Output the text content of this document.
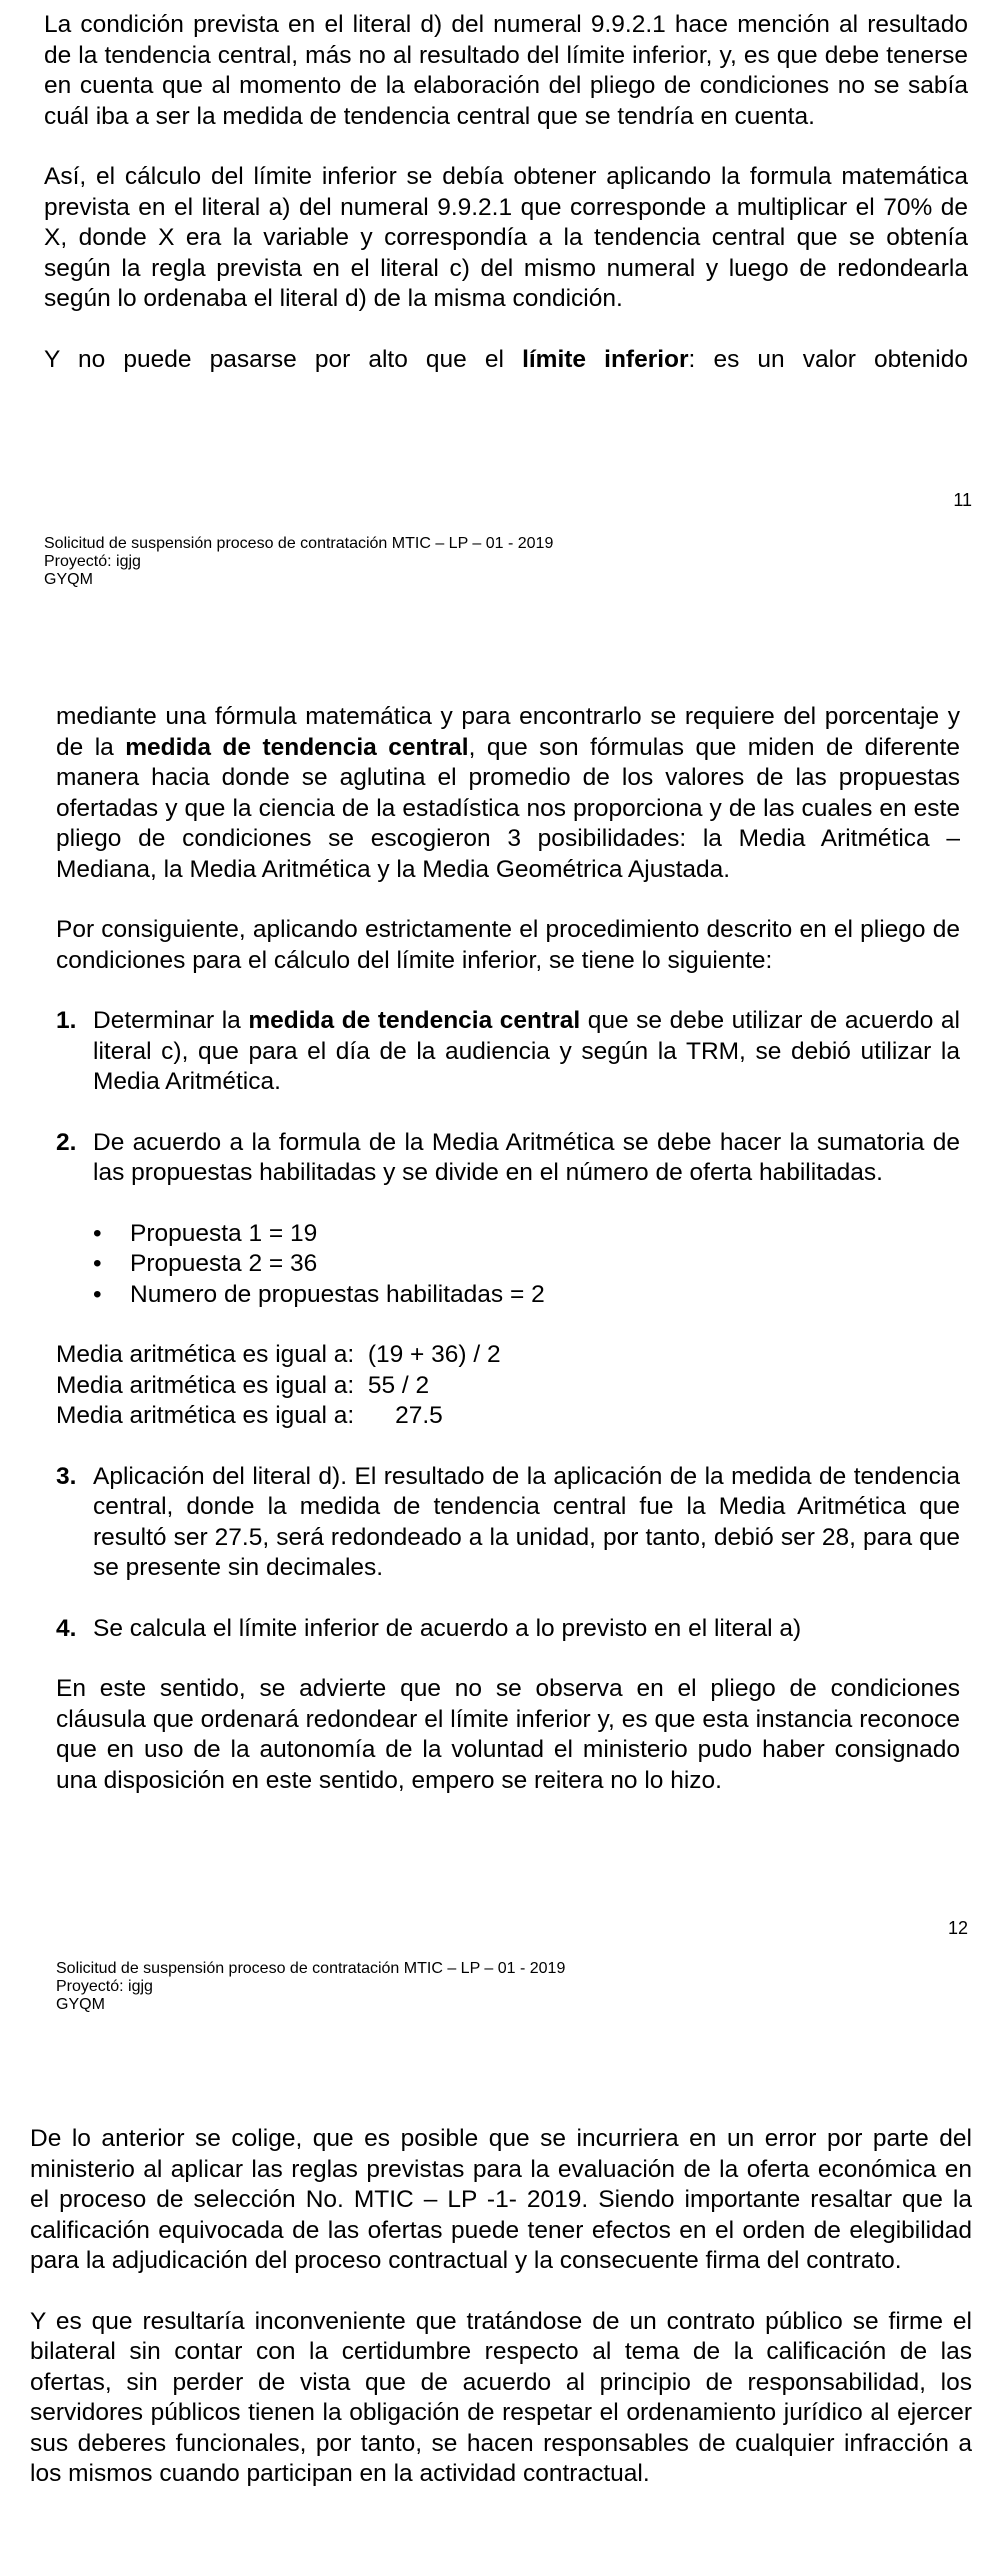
La condición prevista en el literal d) del numeral 9.9.2.1 hace mención al resultado de la tendencia central, más no al resultado del límite inferior, y, es que debe tenerse en cuenta que al momento de la elaboración del pliego de condiciones no se sabía cuál iba a ser la medida de tendencia central que se tendría en cuenta.

Así, el cálculo del límite inferior se debía obtener aplicando la formula matemática prevista en el literal a) del numeral 9.9.2.1 que corresponde a multiplicar el 70% de X, donde X era la variable y correspondía a la tendencia central que se obtenía según la regla prevista en el literal c) del mismo numeral y luego de redondearla según lo ordenaba el literal d) de la misma condición.

Y no puede pasarse por alto que el límite inferior: es un valor obtenido

11
Solicitud de suspensión proceso de contratación MTIC – LP – 01 - 2019
Proyectó: igjg
GYQM

mediante una fórmula matemática y para encontrarlo se requiere del porcentaje y de la medida de tendencia central, que son fórmulas que miden de diferente manera hacia donde se aglutina el promedio de los valores de las propuestas ofertadas y que la ciencia de la estadística nos proporciona y de las cuales en este pliego de condiciones se escogieron 3 posibilidades: la Media Aritmética – Mediana, la Media Aritmética y la Media Geométrica Ajustada.

Por consiguiente, aplicando estrictamente el procedimiento descrito en el pliego de condiciones para el cálculo del límite inferior, se tiene lo siguiente:

1. Determinar la medida de tendencia central que se debe utilizar de acuerdo al literal c), que para el día de la audiencia y según la TRM, se debió utilizar la Media Aritmética.
2. De acuerdo a la formula de la Media Aritmética se debe hacer la sumatoria de las propuestas habilitadas y se divide en el número de oferta habilitadas.
• Propuesta 1 = 19
• Propuesta 2 = 36
• Numero de propuestas habilitadas = 2
Media aritmética es igual a:  (19 + 36) / 2
Media aritmética es igual a:  55 / 2
Media aritmética es igual a:      27.5
3. Aplicación del literal d). El resultado de la aplicación de la medida de tendencia central, donde la medida de tendencia central fue la Media Aritmética que resultó ser 27.5, será redondeado a la unidad, por tanto, debió ser 28, para que se presente sin decimales.
4. Se calcula el límite inferior de acuerdo a lo previsto en el literal a)

En este sentido, se advierte que no se observa en el pliego de condiciones cláusula que ordenará redondear el límite inferior y, es que esta instancia reconoce que en uso de la autonomía de la voluntad el ministerio pudo haber consignado una disposición en este sentido, empero se reitera no lo hizo.

12
Solicitud de suspensión proceso de contratación MTIC – LP – 01 - 2019
Proyectó: igjg
GYQM

De lo anterior se colige, que es posible que se incurriera en un error por parte del ministerio al aplicar las reglas previstas para la evaluación de la oferta económica en el proceso de selección No. MTIC – LP -1- 2019. Siendo importante resaltar que la calificación equivocada de las ofertas puede tener efectos en el orden de elegibilidad para la adjudicación del proceso contractual y la consecuente firma del contrato.

Y es que resultaría inconveniente que tratándose de un contrato público se firme el bilateral sin contar con la certidumbre respecto al tema de la calificación de las ofertas, sin perder de vista que de acuerdo al principio de responsabilidad, los servidores públicos tienen la obligación de respetar el ordenamiento jurídico al ejercer sus deberes funcionales, por tanto, se hacen responsables de cualquier infracción a los mismos cuando participan en la actividad contractual.
